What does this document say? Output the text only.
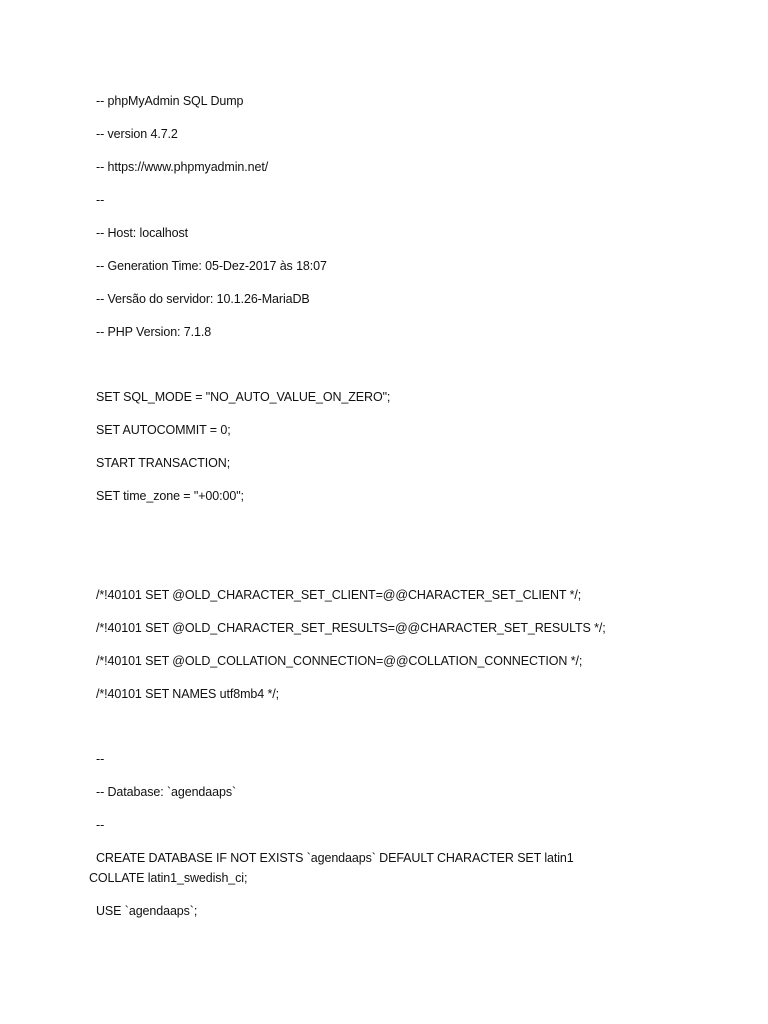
-- phpMyAdmin SQL Dump
-- version 4.7.2
-- https://www.phpmyadmin.net/
--
-- Host: localhost
-- Generation Time: 05-Dez-2017 às 18:07
-- Versão do servidor: 10.1.26-MariaDB
-- PHP Version: 7.1.8
SET SQL_MODE = "NO_AUTO_VALUE_ON_ZERO";
SET AUTOCOMMIT = 0;
START TRANSACTION;
SET time_zone = "+00:00";
/*!40101 SET @OLD_CHARACTER_SET_CLIENT=@@CHARACTER_SET_CLIENT */;
/*!40101 SET @OLD_CHARACTER_SET_RESULTS=@@CHARACTER_SET_RESULTS */;
/*!40101 SET @OLD_COLLATION_CONNECTION=@@COLLATION_CONNECTION */;
/*!40101 SET NAMES utf8mb4 */;
--
-- Database: `agendaaps`
--
CREATE DATABASE IF NOT EXISTS `agendaaps` DEFAULT CHARACTER SET latin1 COLLATE latin1_swedish_ci;
USE `agendaaps`;
